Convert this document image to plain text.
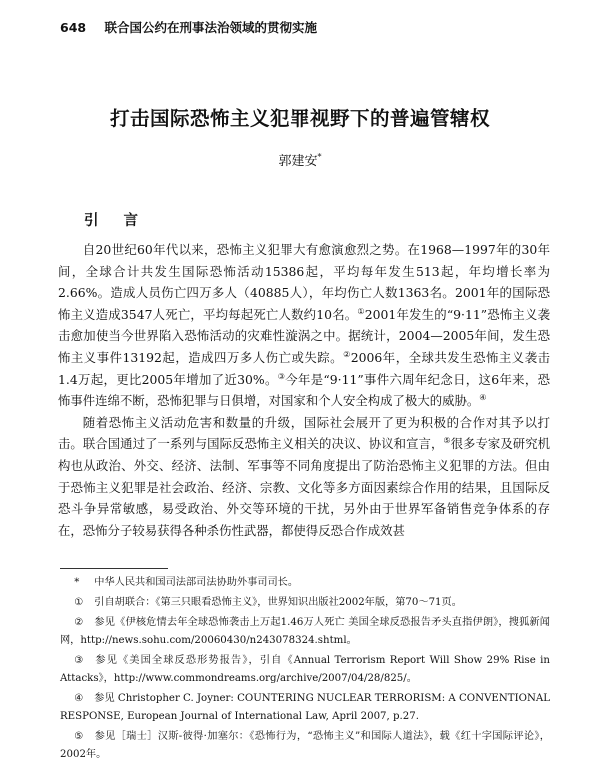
648 联合国公约在刑事法治领域的贯彻实施
打击国际恐怖主义犯罪视野下的普遍管辖权
郭建安*
引 言

自20世纪60年代以来，恐怖主义犯罪大有愈演愈烈之势。在1968—1997年的30年间，全球合计共发生国际恐怖活动15386起，平均每年发生513起，年均增长率为2.66%。造成人员伤亡四万多人（40885人），年均伤亡人数1363名。2001年的国际恐怖主义造成3547人死亡，平均每起死亡人数约10名。①2001年发生的“9·11”恐怖主义袭击愈加使当今世界陷入恐怖活动的灾难性漩涡之中。据统计，2004—2005年间，发生恐怖主义事件13192起，造成四万多人伤亡或失踪。②2006年，全球共发生恐怖主义袭击1.4万起，更比2005年增加了近30%。③今年是“9·11”事件六周年纪念日，这6年来，恐怖事件连绵不断，恐怖犯罪与日俱增，对国家和个人安全构成了极大的威胁。④

随着恐怖主义活动危害和数量的升级，国际社会展开了更为积极的合作对其予以打击。联合国通过了一系列与国际反恐怖主义相关的决议、协议和宣言，⑤很多专家及研究机构也从政治、外交、经济、法制、军事等不同角度提出了防治恐怖主义犯罪的方法。但由于恐怖主义犯罪是社会政治、经济、宗教、文化等多方面因素综合作用的结果，且国际反恐斗争异常敏感，易受政治、外交等环境的干扰，另外由于世界军备销售竞争体系的存在，恐怖分子较易获得各种杀伤性武器，都使得反恐合作成效甚

* 中华人民共和国司法部司法协助外事司司长。
① 引自胡联合：《第三只眼看恐怖主义》，世界知识出版社2002年版，第70～71页。
② 参见《伊核危情去年全球恐怖袭击上万起1.46万人死亡 美国全球反恐报告矛头直指伊朗》，搜狐新闻网，http://news.sohu.com/20060430/n243078324.shtml。
③ 参见《美国全球反恐形势报告》，引自《Annual Terrorism Report Will Show 29% Rise in Attacks》，http://www.commondreams.org/archive/2007/04/28/825/。
④ 参见 Christopher C. Joyner: COUNTERING NUCLEAR TERRORISM: A CONVENTIONAL RESPONSE, European Journal of International Law, April 2007, p.27.
⑤ 参见［瑞士］汉斯-彼得·加塞尔：《恐怖行为，“恐怖主义”和国际人道法》，载《红十字国际评论》，2002年。
